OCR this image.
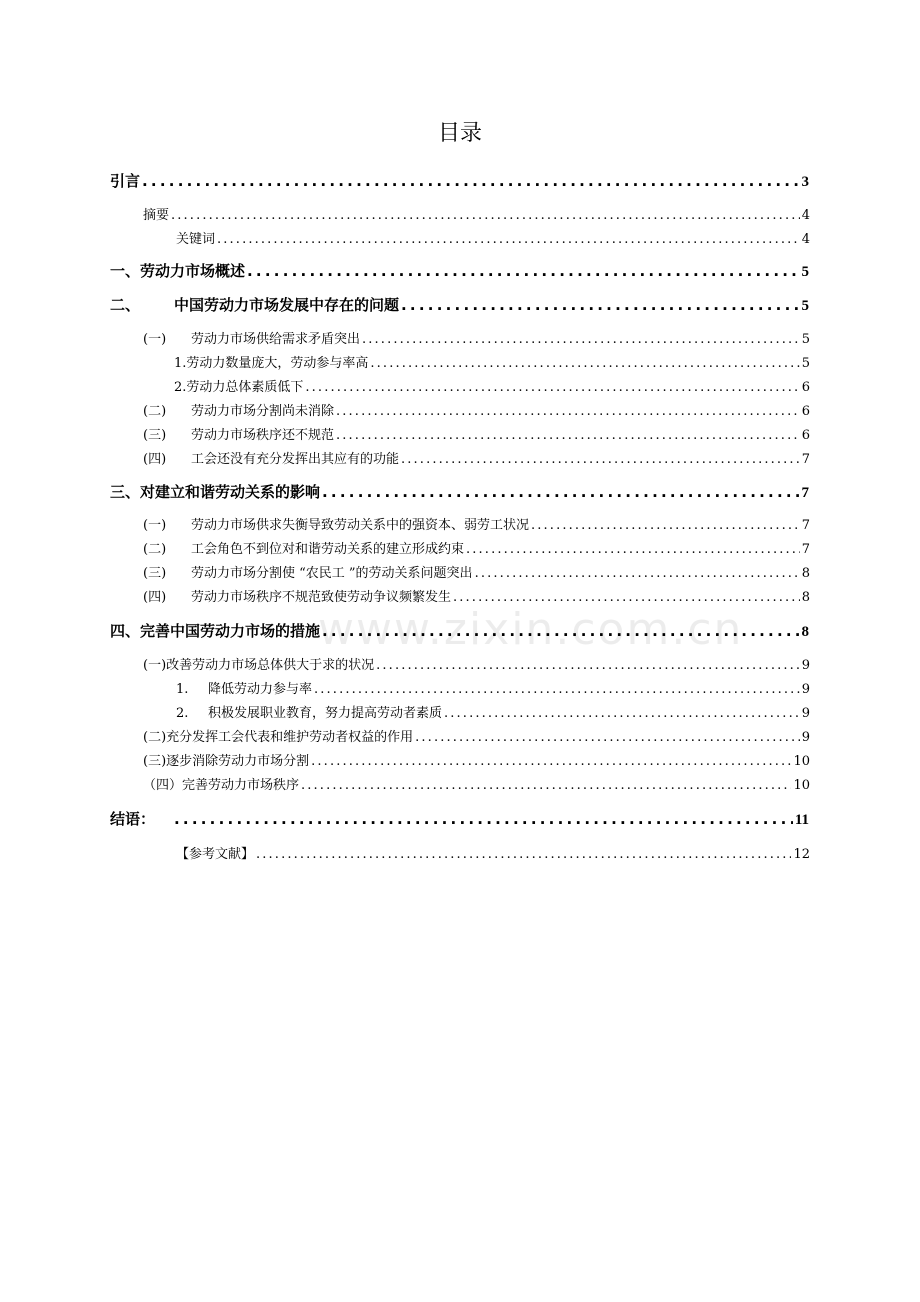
目录
www.zixin.com.cn
引言 . . .	3
摘要 . . .	4
关键词 . . .	4
一、劳动力市场概述 . . .	5
二、	中国劳动力市场发展中存在的问题 . . .	5
(一)	劳动力市场供给需求矛盾突出 . . .	5
1.劳动力数量庞大，劳动参与率高 . . .	5
2.劳动力总体素质低下 . . .	6
(二)	劳动力市场分割尚未消除 . . .	6
(三)	劳动力市场秩序还不规范 . . .	6
(四)	工会还没有充分发挥出其应有的功能 . . .	7
三、对建立和谐劳动关系的影响 . . .	7
(一)	劳动力市场供求失衡导致劳动关系中的强资本、弱劳工状况 . . .	7
(二)	工会角色不到位对和谐劳动关系的建立形成约束 . . .	7
(三)	劳动力市场分割使 “农民工 ”的劳动关系问题突出 . . .	8
(四)	劳动力市场秩序不规范致使劳动争议频繁发生 . . .	8
四、完善中国劳动力市场的措施 . . .	8
(一)改善劳动力市场总体供大于求的状况 . . .	9
1.	降低劳动力参与率 . . .	9
2.	积极发展职业教育，努力提高劳动者素质 . . .	9
(二)充分发挥工会代表和维护劳动者权益的作用 . . .	9
(三)逐步消除劳动力市场分割 . . .	10
（四）完善劳动力市场秩序 . . .	10
结语： . . .	11
【参考文献】 . . .	12
